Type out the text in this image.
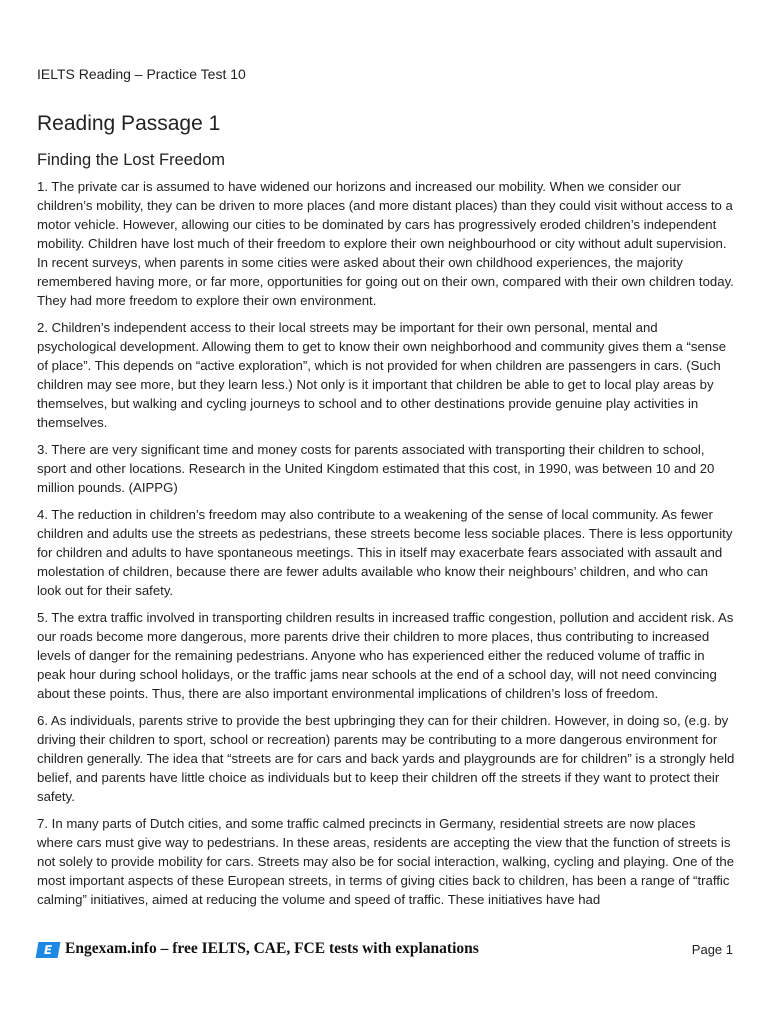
IELTS Reading – Practice Test 10
Reading Passage 1
Finding the Lost Freedom

1. The private car is assumed to have widened our horizons and increased our mobility. When we consider our children’s mobility, they can be driven to more places (and more distant places) than they could visit without access to a motor vehicle. However, allowing our cities to be dominated by cars has progressively eroded children’s independent mobility. Children have lost much of their freedom to explore their own neighbourhood or city without adult supervision. In recent surveys, when parents in some cities were asked about their own childhood experiences, the majority remembered having more, or far more, opportunities for going out on their own, compared with their own children today. They had more freedom to explore their own environment.

2. Children’s independent access to their local streets may be important for their own personal, mental and psychological development. Allowing them to get to know their own neighborhood and community gives them a “sense of place”. This depends on “active exploration”, which is not provided for when children are passengers in cars. (Such children may see more, but they learn less.) Not only is it important that children be able to get to local play areas by themselves, but walking and cycling journeys to school and to other destinations provide genuine play activities in themselves.

3. There are very significant time and money costs for parents associated with transporting their children to school, sport and other locations. Research in the United Kingdom estimated that this cost, in 1990, was between 10 and 20 million pounds. (AIPPG)

4. The reduction in children’s freedom may also contribute to a weakening of the sense of local community. As fewer children and adults use the streets as pedestrians, these streets become less sociable places. There is less opportunity for children and adults to have spontaneous meetings. This in itself may exacerbate fears associated with assault and molestation of children, because there are fewer adults available who know their neighbours’ children, and who can look out for their safety.

5. The extra traffic involved in transporting children results in increased traffic congestion, pollution and accident risk. As our roads become more dangerous, more parents drive their children to more places, thus contributing to increased levels of danger for the remaining pedestrians. Anyone who has experienced either the reduced volume of traffic in peak hour during school holidays, or the traffic jams near schools at the end of a school day, will not need convincing about these points. Thus, there are also important environmental implications of children’s loss of freedom.

6. As individuals, parents strive to provide the best upbringing they can for their children. However, in doing so, (e.g. by driving their children to sport, school or recreation) parents may be contributing to a more dangerous environment for children generally. The idea that “streets are for cars and back yards and playgrounds are for children” is a strongly held belief, and parents have little choice as individuals but to keep their children off the streets if they want to protect their safety.

7. In many parts of Dutch cities, and some traffic calmed precincts in Germany, residential streets are now places where cars must give way to pedestrians. In these areas, residents are accepting the view that the function of streets is not solely to provide mobility for cars. Streets may also be for social interaction, walking, cycling and playing. One of the most important aspects of these European streets, in terms of giving cities back to children, has been a range of “traffic calming” initiatives, aimed at reducing the volume and speed of traffic. These initiatives have had

E Engexam.info – free IELTS, CAE, FCE tests with explanations	Page 1
